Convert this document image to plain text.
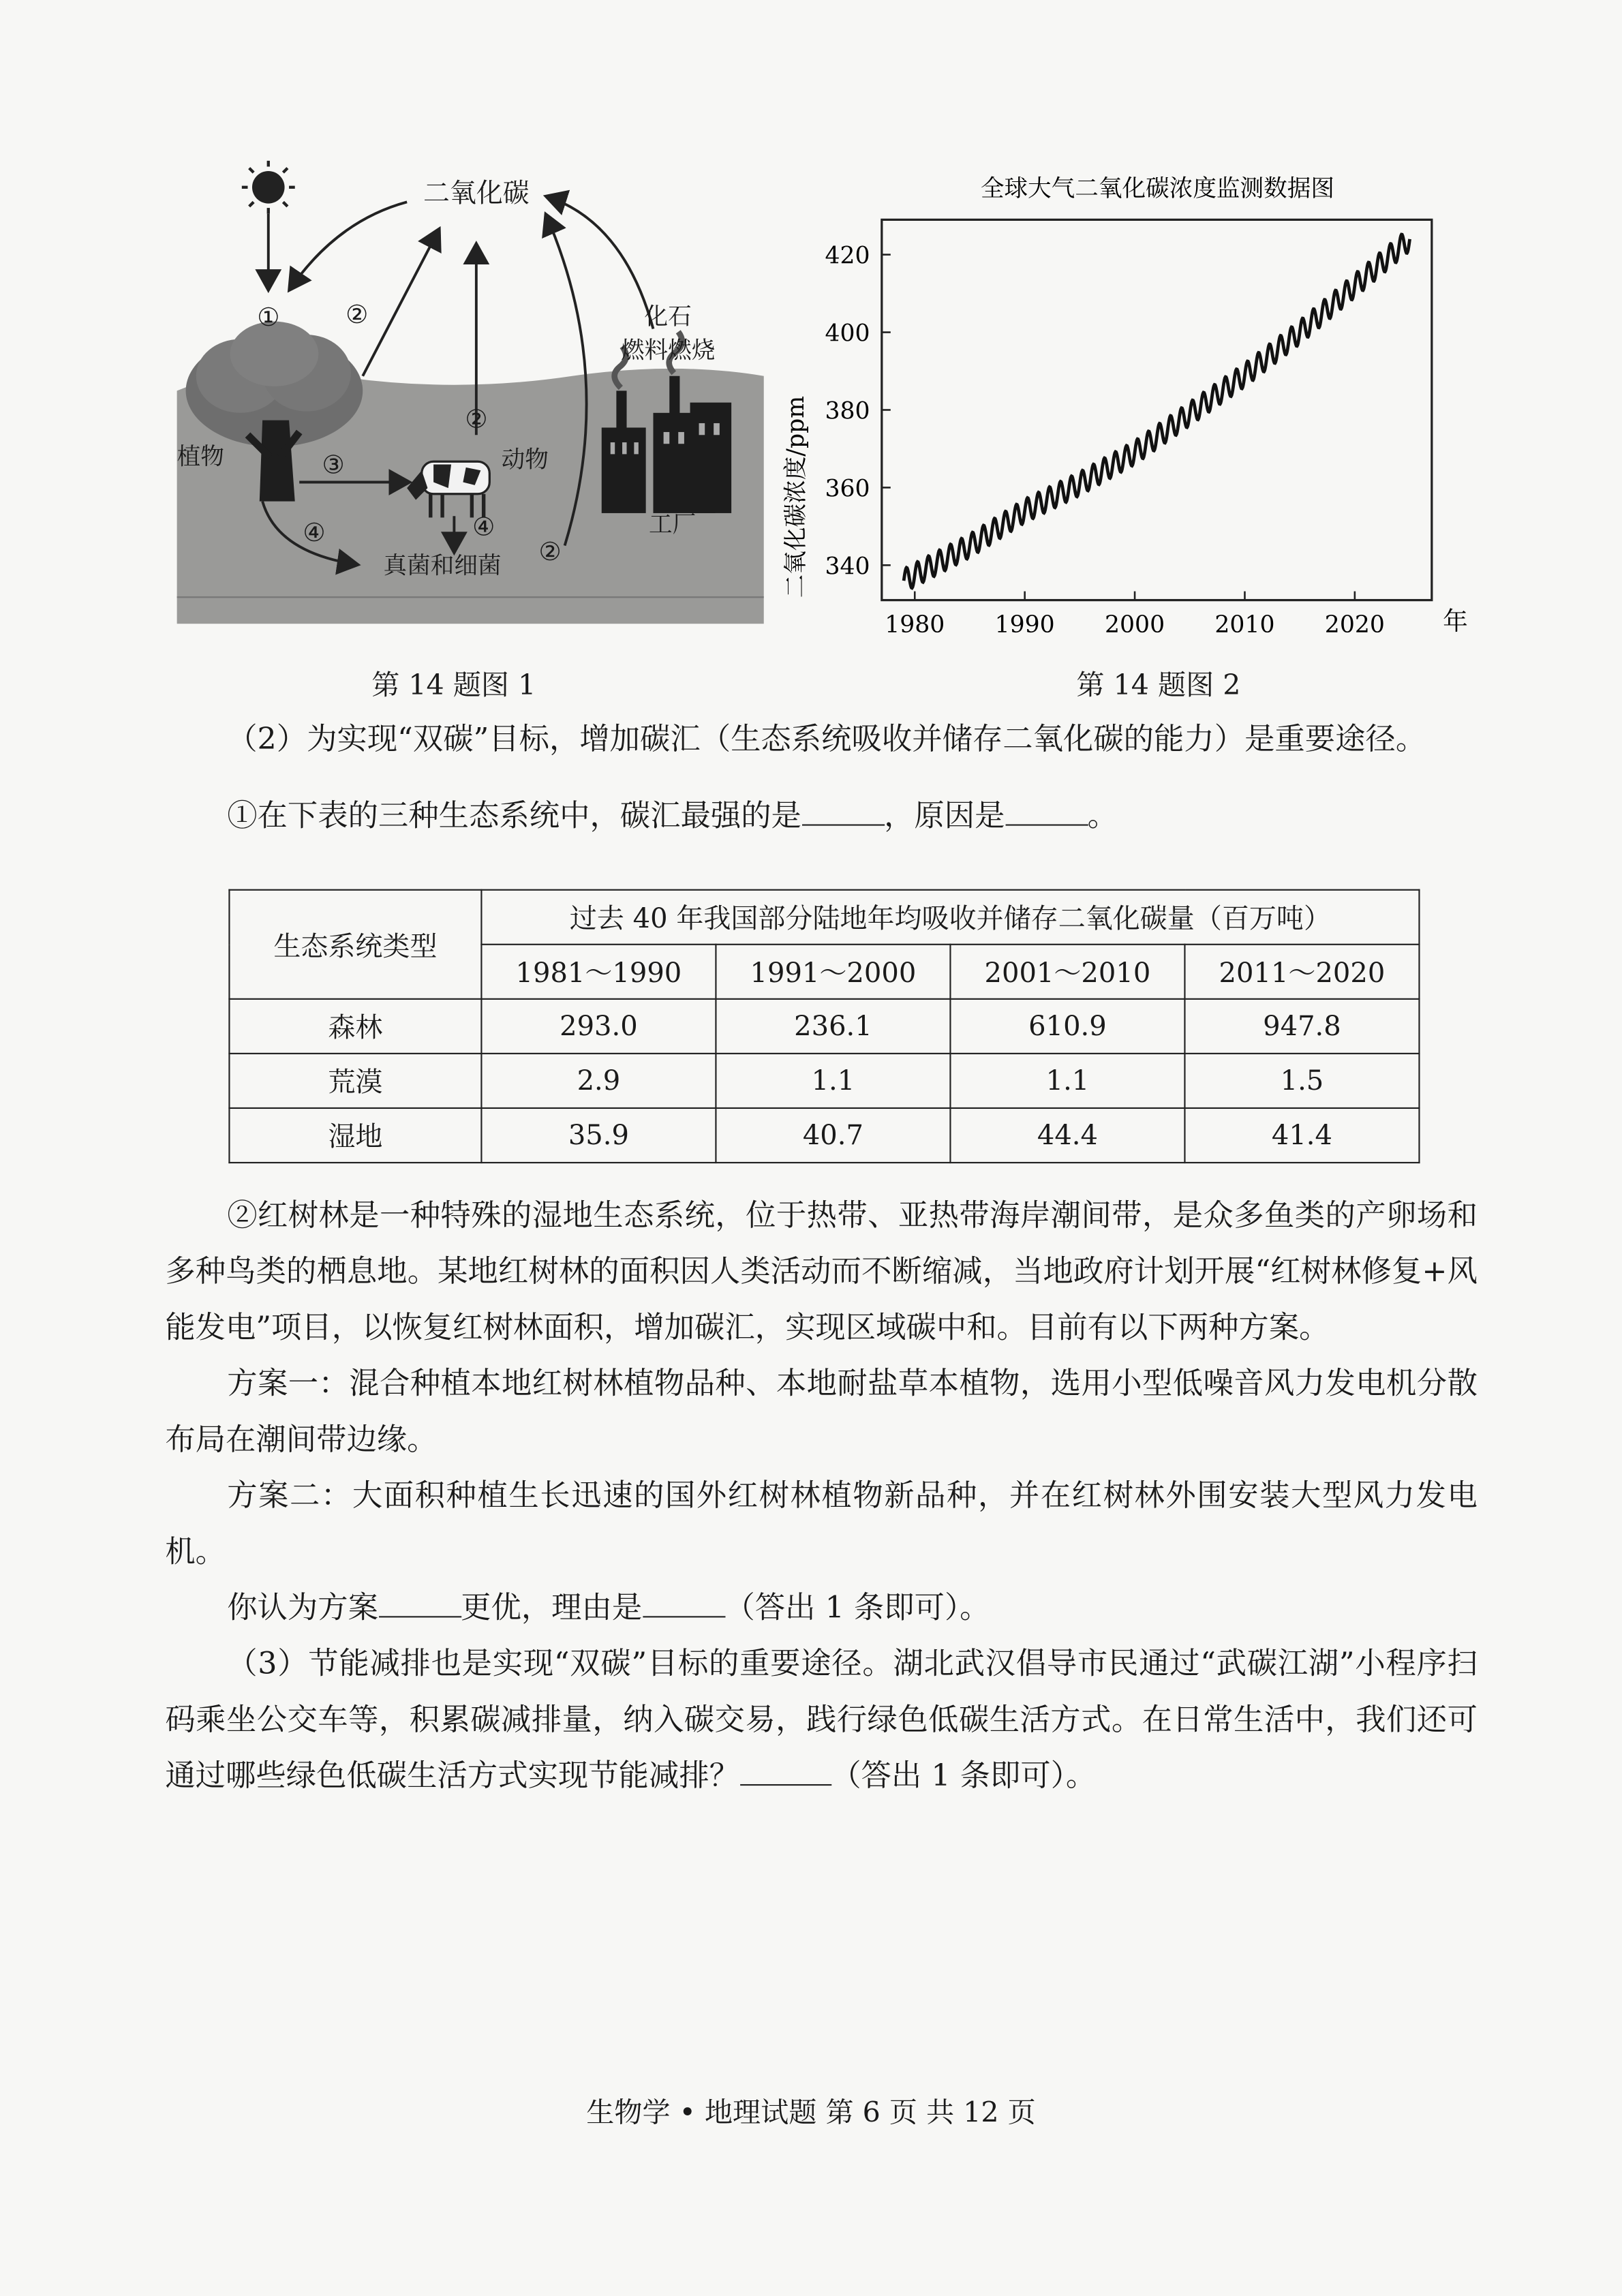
二氧化碳
①	②
②
②
③
④	④
植物	动物
化石
燃料燃烧
工厂
真菌和细菌
第 14 题图 1
全球大气二氧化碳浓度监测数据图
二氧化碳浓度/ppm
年
1980	1990	2000	2010	2020
340
360
380
400
420
第 14 题图 2

（2）为实现“双碳”目标，增加碳汇（生态系统吸收并储存二氧化碳的能力）是重要途径。

①在下表的三种生态系统中，碳汇最强的是	，原因是	。

生态系统类型	过去 40 年我国部分陆地年均吸收并储存二氧化碳量（百万吨）			
	1981～1990	1991～2000	2001～2010	2011～2020
森林	293.0	236.1	610.9	947.8
荒漠	2.9	1.1	1.1	1.5
湿地	35.9	40.7	44.4	41.4

②红树林是一种特殊的湿地生态系统，位于热带、亚热带海岸潮间带，是众多鱼类的产卵场和多种鸟类的栖息地。某地红树林的面积因人类活动而不断缩减，当地政府计划开展“红树林修复+风能发电”项目，以恢复红树林面积，增加碳汇，实现区域碳中和。目前有以下两种方案。

方案一：混合种植本地红树林植物品种、本地耐盐草本植物，选用小型低噪音风力发电机分散布局在潮间带边缘。

方案二：大面积种植生长迅速的国外红树林植物新品种，并在红树林外围安装大型风力发电机。

你认为方案	更优，理由是	（答出 1 条即可）。

（3）节能减排也是实现“双碳”目标的重要途径。湖北武汉倡导市民通过“武碳江湖”小程序扫码乘坐公交车等，积累碳减排量，纳入碳交易，践行绿色低碳生活方式。在日常生活中，我们还可通过哪些绿色低碳生活方式实现节能减排？	（答出 1 条即可）。

生物学 • 地理试题 第 6 页 共 12 页
